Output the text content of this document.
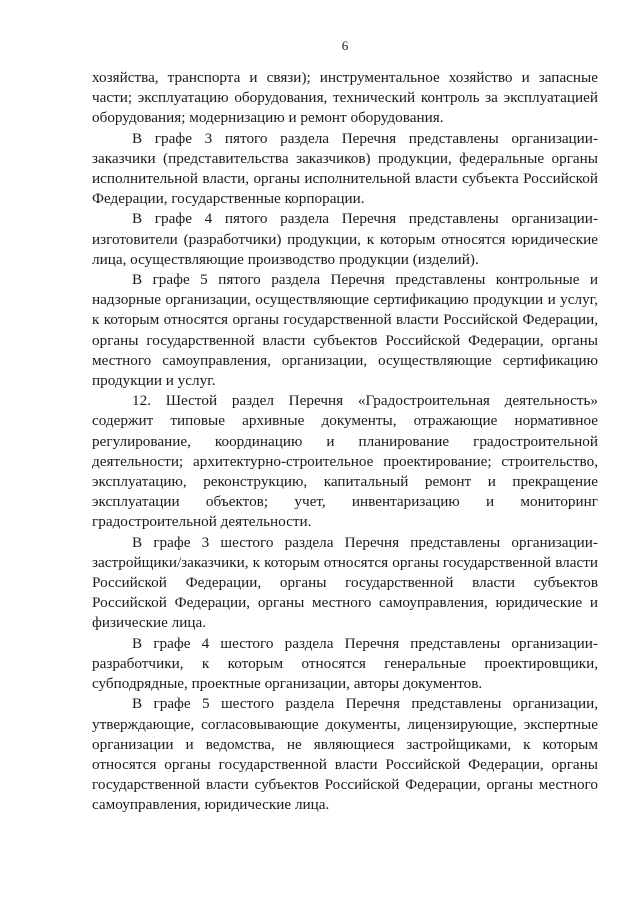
6

хозяйства, транспорта и связи); инструментальное хозяйство и запасные части; эксплуатацию оборудования, технический контроль за эксплуатацией оборудования; модернизацию и ремонт оборудования.

В графе 3 пятого раздела Перечня представлены организации-заказчики (представительства заказчиков) продукции, федеральные органы исполнительной власти, органы исполнительной власти субъекта Российской Федерации, государственные корпорации.

В графе 4 пятого раздела Перечня представлены организации-изготовители (разработчики) продукции, к которым относятся юридические лица, осуществляющие производство продукции (изделий).

В графе 5 пятого раздела Перечня представлены контрольные и надзорные организации, осуществляющие сертификацию продукции и услуг, к которым относятся органы государственной власти Российской Федерации, органы государственной власти субъектов Российской Федерации, органы местного самоуправления, организации, осуществляющие сертификацию продукции и услуг.

12. Шестой раздел Перечня «Градостроительная деятельность» содержит типовые архивные документы, отражающие нормативное регулирование, координацию и планирование градостроительной деятельности; архитектурно-строительное проектирование; строительство, эксплуатацию, реконструкцию, капитальный ремонт и прекращение эксплуатации объектов; учет, инвентаризацию и мониторинг градостроительной деятельности.

В графе 3 шестого раздела Перечня представлены организации-застройщики/заказчики, к которым относятся органы государственной власти Российской Федерации, органы государственной власти субъектов Российской Федерации, органы местного самоуправления, юридические и физические лица.

В графе 4 шестого раздела Перечня представлены организации-разработчики, к которым относятся генеральные проектировщики, субподрядные, проектные организации, авторы документов.

В графе 5 шестого раздела Перечня представлены организации, утверждающие, согласовывающие документы, лицензирующие, экспертные организации и ведомства, не являющиеся застройщиками, к которым относятся органы государственной власти Российской Федерации, органы государственной власти субъектов Российской Федерации, органы местного самоуправления, юридические лица.
